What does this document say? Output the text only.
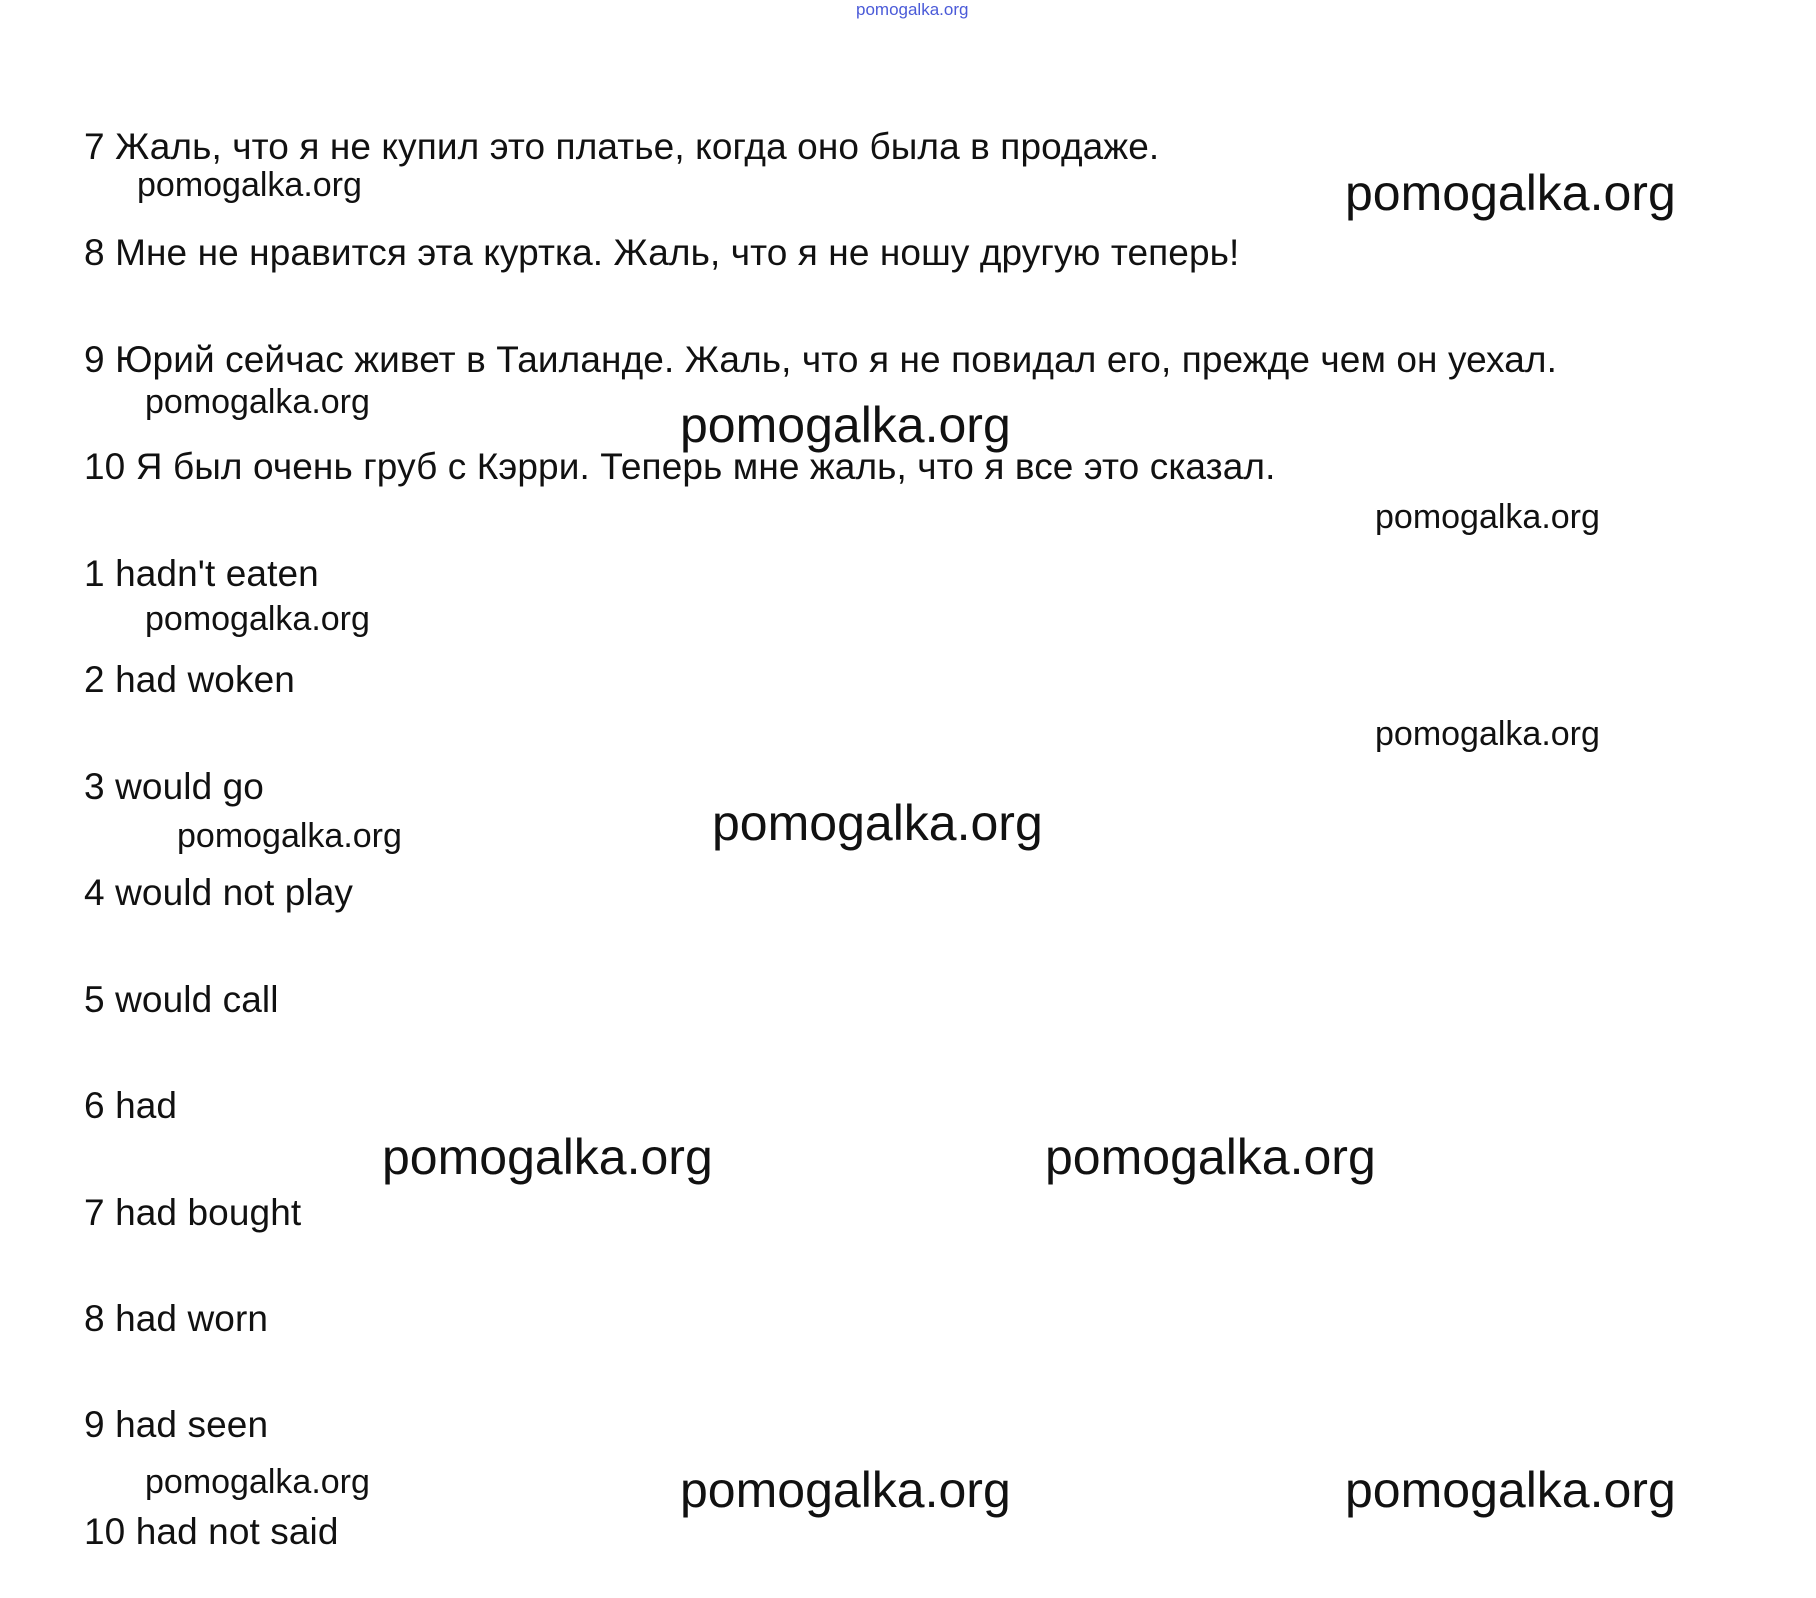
pomogalka.org
7 Жаль, что я не купил это платье, когда оно была в продаже.
8 Мне не нравится эта куртка. Жаль, что я не ношу другую теперь!
9 Юрий сейчас живет в Таиланде. Жаль, что я не повидал его, прежде чем он уехал.
10 Я был очень груб с Кэрри. Теперь мне жаль, что я все это сказал.
1 hadn't eaten
2 had woken
3 would go
4 would not play
5 would call
6 had
7 had bought
8 had worn
9 had seen
10 had not said
pomogalka.org	pomogalka.org
pomogalka.org	pomogalka.org
pomogalka.org
pomogalka.org
pomogalka.org
pomogalka.org	pomogalka.org
pomogalka.org	pomogalka.org
pomogalka.org	pomogalka.org	pomogalka.org
